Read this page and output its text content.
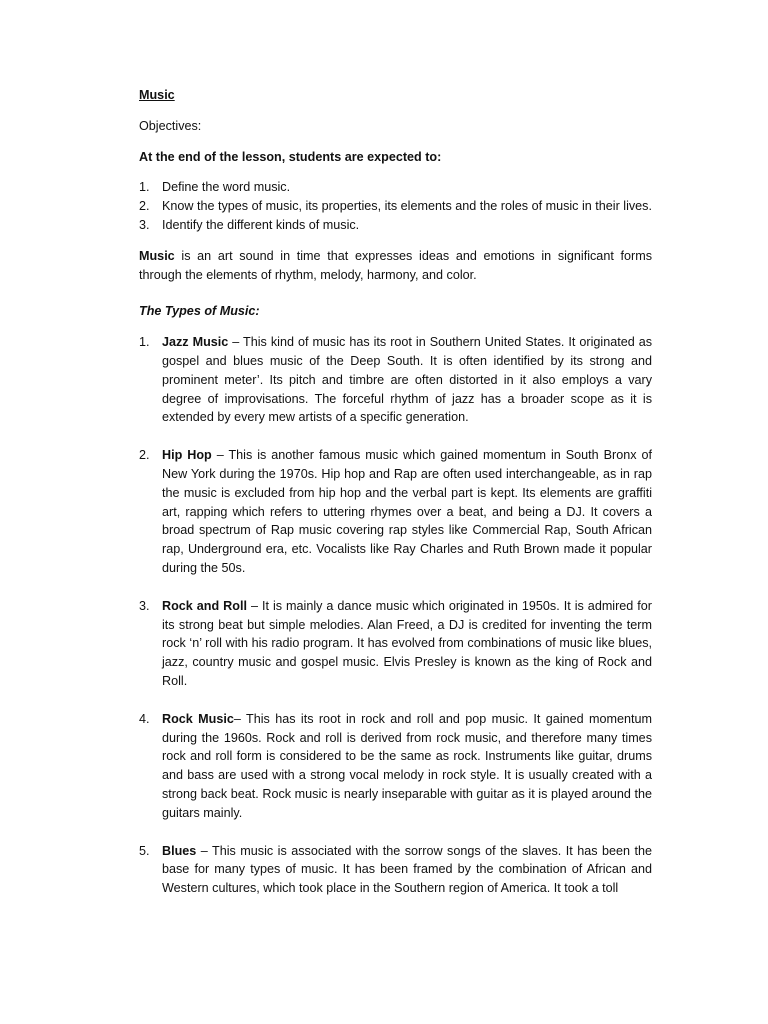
Music

Objectives:

At the end of the lesson, students are expected to:

1. Define the word music.
2. Know the types of music, its properties, its elements and the roles of music in their lives.
3. Identify the different kinds of music.

Music is an art sound in time that expresses ideas and emotions in significant forms through the elements of rhythm, melody, harmony, and color.

The Types of Music:

1. Jazz Music – This kind of music has its root in Southern United States. It originated as gospel and blues music of the Deep South. It is often identified by its strong and prominent meter’. Its pitch and timbre are often distorted in it also employs a vary degree of improvisations. The forceful rhythm of jazz has a broader scope as it is extended by every mew artists of a specific generation.
2. Hip Hop – This is another famous music which gained momentum in South Bronx of New York during the 1970s. Hip hop and Rap are often used interchangeable, as in rap the music is excluded from hip hop and the verbal part is kept. Its elements are graffiti art, rapping which refers to uttering rhymes over a beat, and being a DJ. It covers a broad spectrum of Rap music covering rap styles like Commercial Rap, South African rap, Underground era, etc. Vocalists like Ray Charles and Ruth Brown made it popular during the 50s.
3. Rock and Roll – It is mainly a dance music which originated in 1950s. It is admired for its strong beat but simple melodies. Alan Freed, a DJ is credited for inventing the term rock ‘n’ roll with his radio program. It has evolved from combinations of music like blues, jazz, country music and gospel music. Elvis Presley is known as the king of Rock and Roll.
4. Rock Music– This has its root in rock and roll and pop music. It gained momentum during the 1960s. Rock and roll is derived from rock music, and therefore many times rock and roll form is considered to be the same as rock. Instruments like guitar, drums and bass are used with a strong vocal melody in rock style. It is usually created with a strong back beat. Rock music is nearly inseparable with guitar as it is played around the guitars mainly.
5. Blues – This music is associated with the sorrow songs of the slaves. It has been the base for many types of music. It has been framed by the combination of African and Western cultures, which took place in the Southern region of America. It took a toll
